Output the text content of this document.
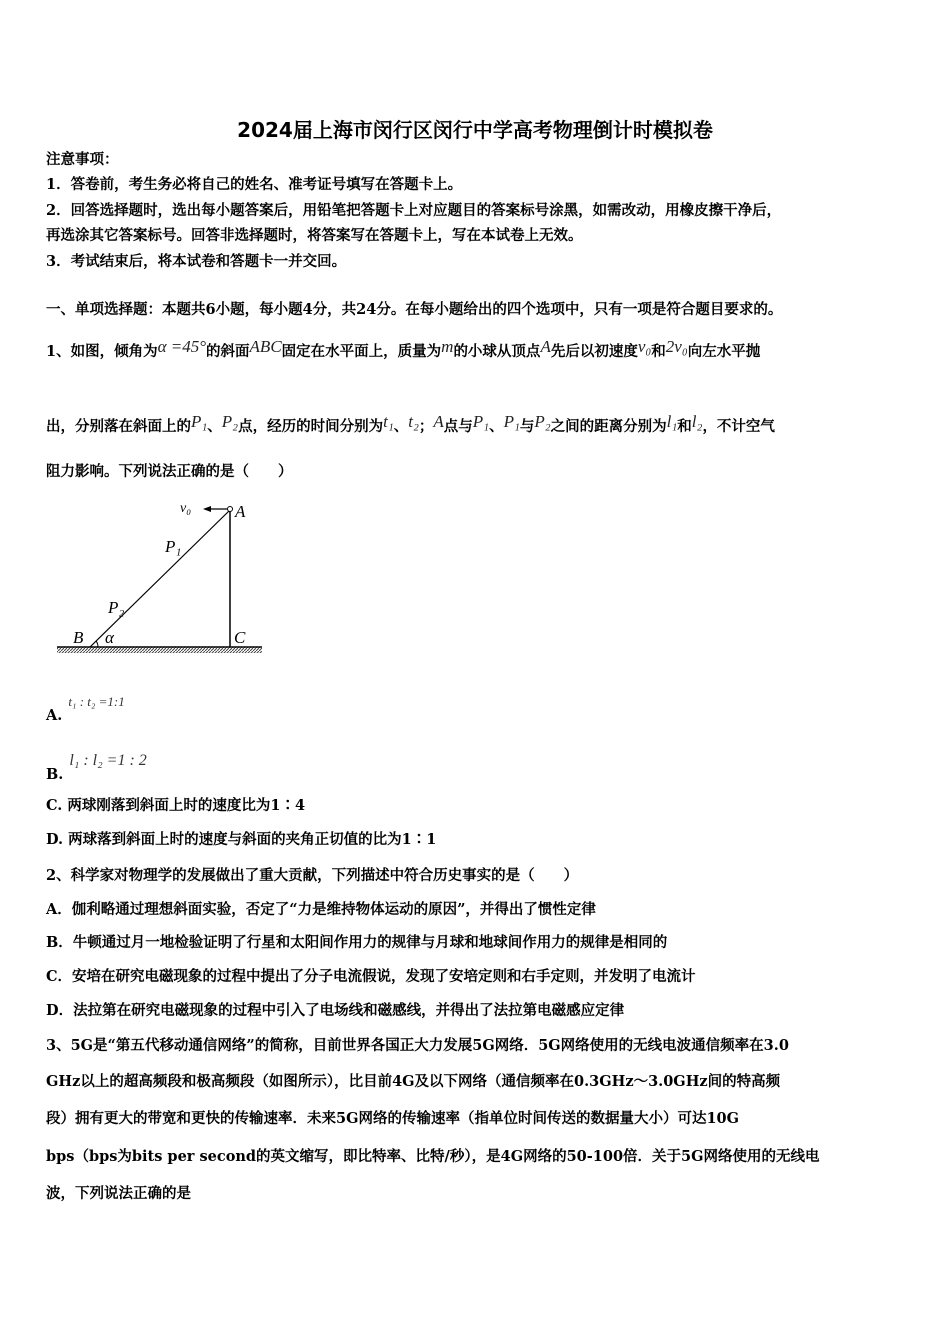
2024届上海市闵行区闵行中学高考物理倒计时模拟卷
注意事项：
1．答卷前，考生务必将自己的姓名、准考证号填写在答题卡上。
2．回答选择题时，选出每小题答案后，用铅笔把答题卡上对应题目的答案标号涂黑，如需改动，用橡皮擦干净后，
再选涂其它答案标号。回答非选择题时，将答案写在答题卡上，写在本试卷上无效。
3．考试结束后，将本试卷和答题卡一并交回。
一、单项选择题：本题共6小题，每小题4分，共24分。在每小题给出的四个选项中，只有一项是符合题目要求的。
1、如图，倾角为α =45°的斜面ABC固定在水平面上，质量为m的小球从顶点A先后以初速度v₀和2v₀向左水平抛
出，分别落在斜面上的P₁、P₂点，经历的时间分别为t₁、t₂；A点与P₁、P₁与P₂之间的距离分别为l₁和l₂，不计空气
阻力影响。下列说法正确的是（　　）
v₀	A
P₁
P₂
B α	C
A.t₁ : t₂ =1:1
B.l₁ : l₂ =1 : 2
C. 两球刚落到斜面上时的速度比为1∶4
D. 两球落到斜面上时的速度与斜面的夹角正切值的比为1∶1
2、科学家对物理学的发展做出了重大贡献，下列描述中符合历史事实的是（　　）
A．伽利略通过理想斜面实验，否定了“力是维持物体运动的原因”，并得出了惯性定律
B．牛顿通过月一地检验证明了行星和太阳间作用力的规律与月球和地球间作用力的规律是相同的
C．安培在研究电磁现象的过程中提出了分子电流假说，发现了安培定则和右手定则，并发明了电流计
D．法拉第在研究电磁现象的过程中引入了电场线和磁感线，并得出了法拉第电磁感应定律
3、5G是“第五代移动通信网络”的简称，目前世界各国正大力发展5G网络．5G网络使用的无线电波通信频率在3.0
GHz以上的超高频段和极高频段（如图所示），比目前4G及以下网络（通信频率在0.3GHz～3.0GHz间的特高频
段）拥有更大的带宽和更快的传输速率．未来5G网络的传输速率（指单位时间传送的数据量大小）可达10G
bps（bps为bits per second的英文缩写，即比特率、比特/秒），是4G网络的50-100倍．关于5G网络使用的无线电
波，下列说法正确的是
